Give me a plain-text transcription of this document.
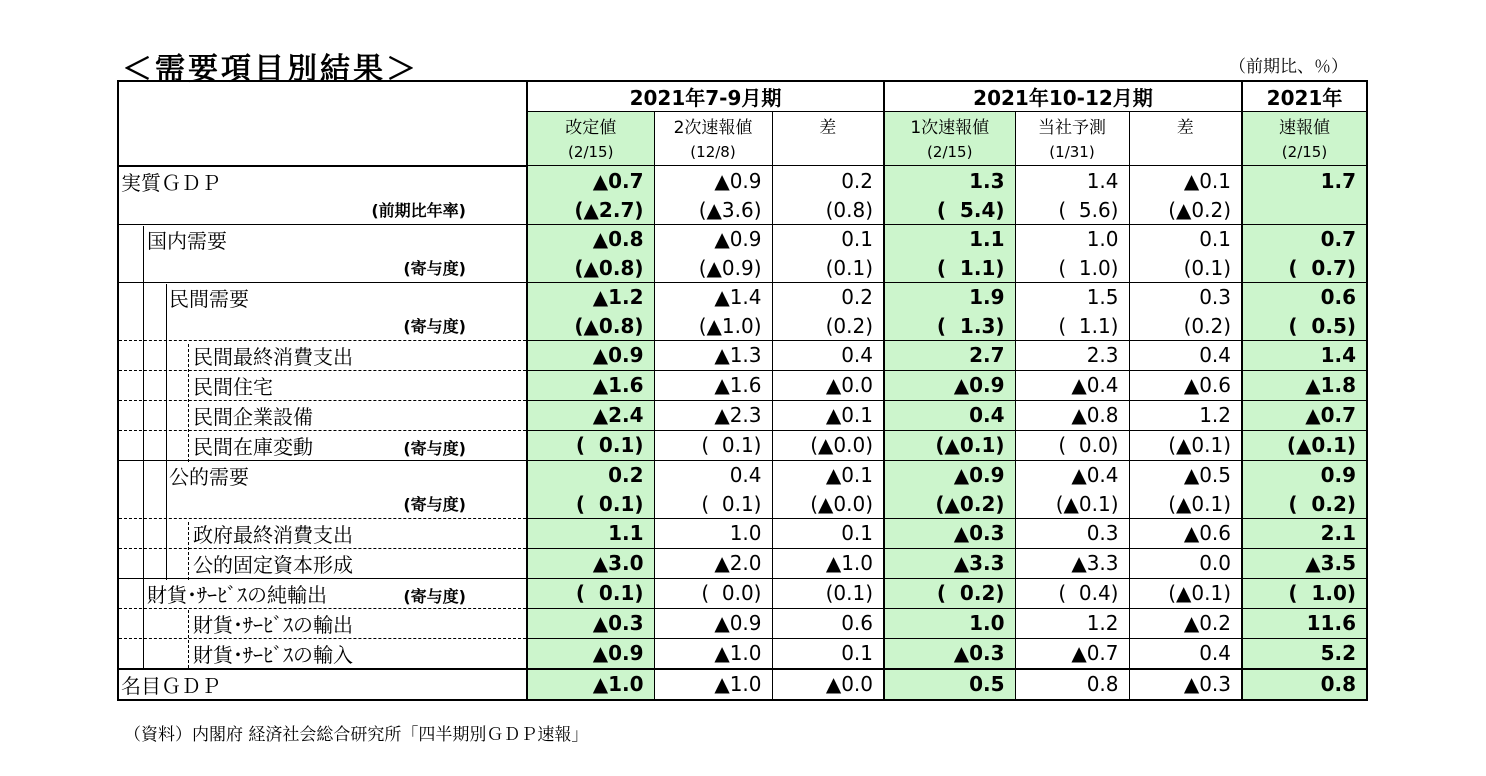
＜需要項目別結果＞	（前期比、％）
	2021年7-9月期			2021年10-12月期			2021年
	改定値	2次速報値	差	1次速報値	当社予測	差	速報値
	(2/15)	(12/8)		(2/15)	(1/31)		(2/15)
実質ＧＤＰ	▲0.7	▲0.9	0.2	1.3	1.4	▲0.1	1.7
(前期比年率)	(▲2.7)	(▲3.6)	(0.8)	(  5.4)	(  5.6)	(▲0.2)	
国内需要	▲0.8	▲0.9	0.1	1.1	1.0	0.1	0.7
(寄与度)	(▲0.8)	(▲0.9)	(0.1)	(  1.1)	(  1.0)	(0.1)	(  0.7)
民間需要	▲1.2	▲1.4	0.2	1.9	1.5	0.3	0.6
(寄与度)	(▲0.8)	(▲1.0)	(0.2)	(  1.3)	(  1.1)	(0.2)	(  0.5)
民間最終消費支出	▲0.9	▲1.3	0.4	2.7	2.3	0.4	1.4
民間住宅	▲1.6	▲1.6	▲0.0	▲0.9	▲0.4	▲0.6	▲1.8
民間企業設備	▲2.4	▲2.3	▲0.1	0.4	▲0.8	1.2	▲0.7
民間在庫変動 (寄与度)	(  0.1)	(  0.1)	(▲0.0)	(▲0.1)	(  0.0)	(▲0.1)	(▲0.1)
公的需要	0.2	0.4	▲0.1	▲0.9	▲0.4	▲0.5	0.9
(寄与度)	(  0.1)	(  0.1)	(▲0.0)	(▲0.2)	(▲0.1)	(▲0.1)	(  0.2)
政府最終消費支出	1.1	1.0	0.1	▲0.3	0.3	▲0.6	2.1
公的固定資本形成	▲3.0	▲2.0	▲1.0	▲3.3	▲3.3	0.0	▲3.5
財貨･ｻｰﾋﾞｽの純輸出 (寄与度)	(  0.1)	(  0.0)	(0.1)	(  0.2)	(  0.4)	(▲0.1)	(  1.0)
財貨･ｻｰﾋﾞｽの輸出	▲0.3	▲0.9	0.6	1.0	1.2	▲0.2	11.6
財貨･ｻｰﾋﾞｽの輸入	▲0.9	▲1.0	0.1	▲0.3	▲0.7	0.4	5.2
名目ＧＤＰ	▲1.0	▲1.0	▲0.0	0.5	0.8	▲0.3	0.8
（資料）内閣府 経済社会総合研究所「四半期別ＧＤＰ速報」
